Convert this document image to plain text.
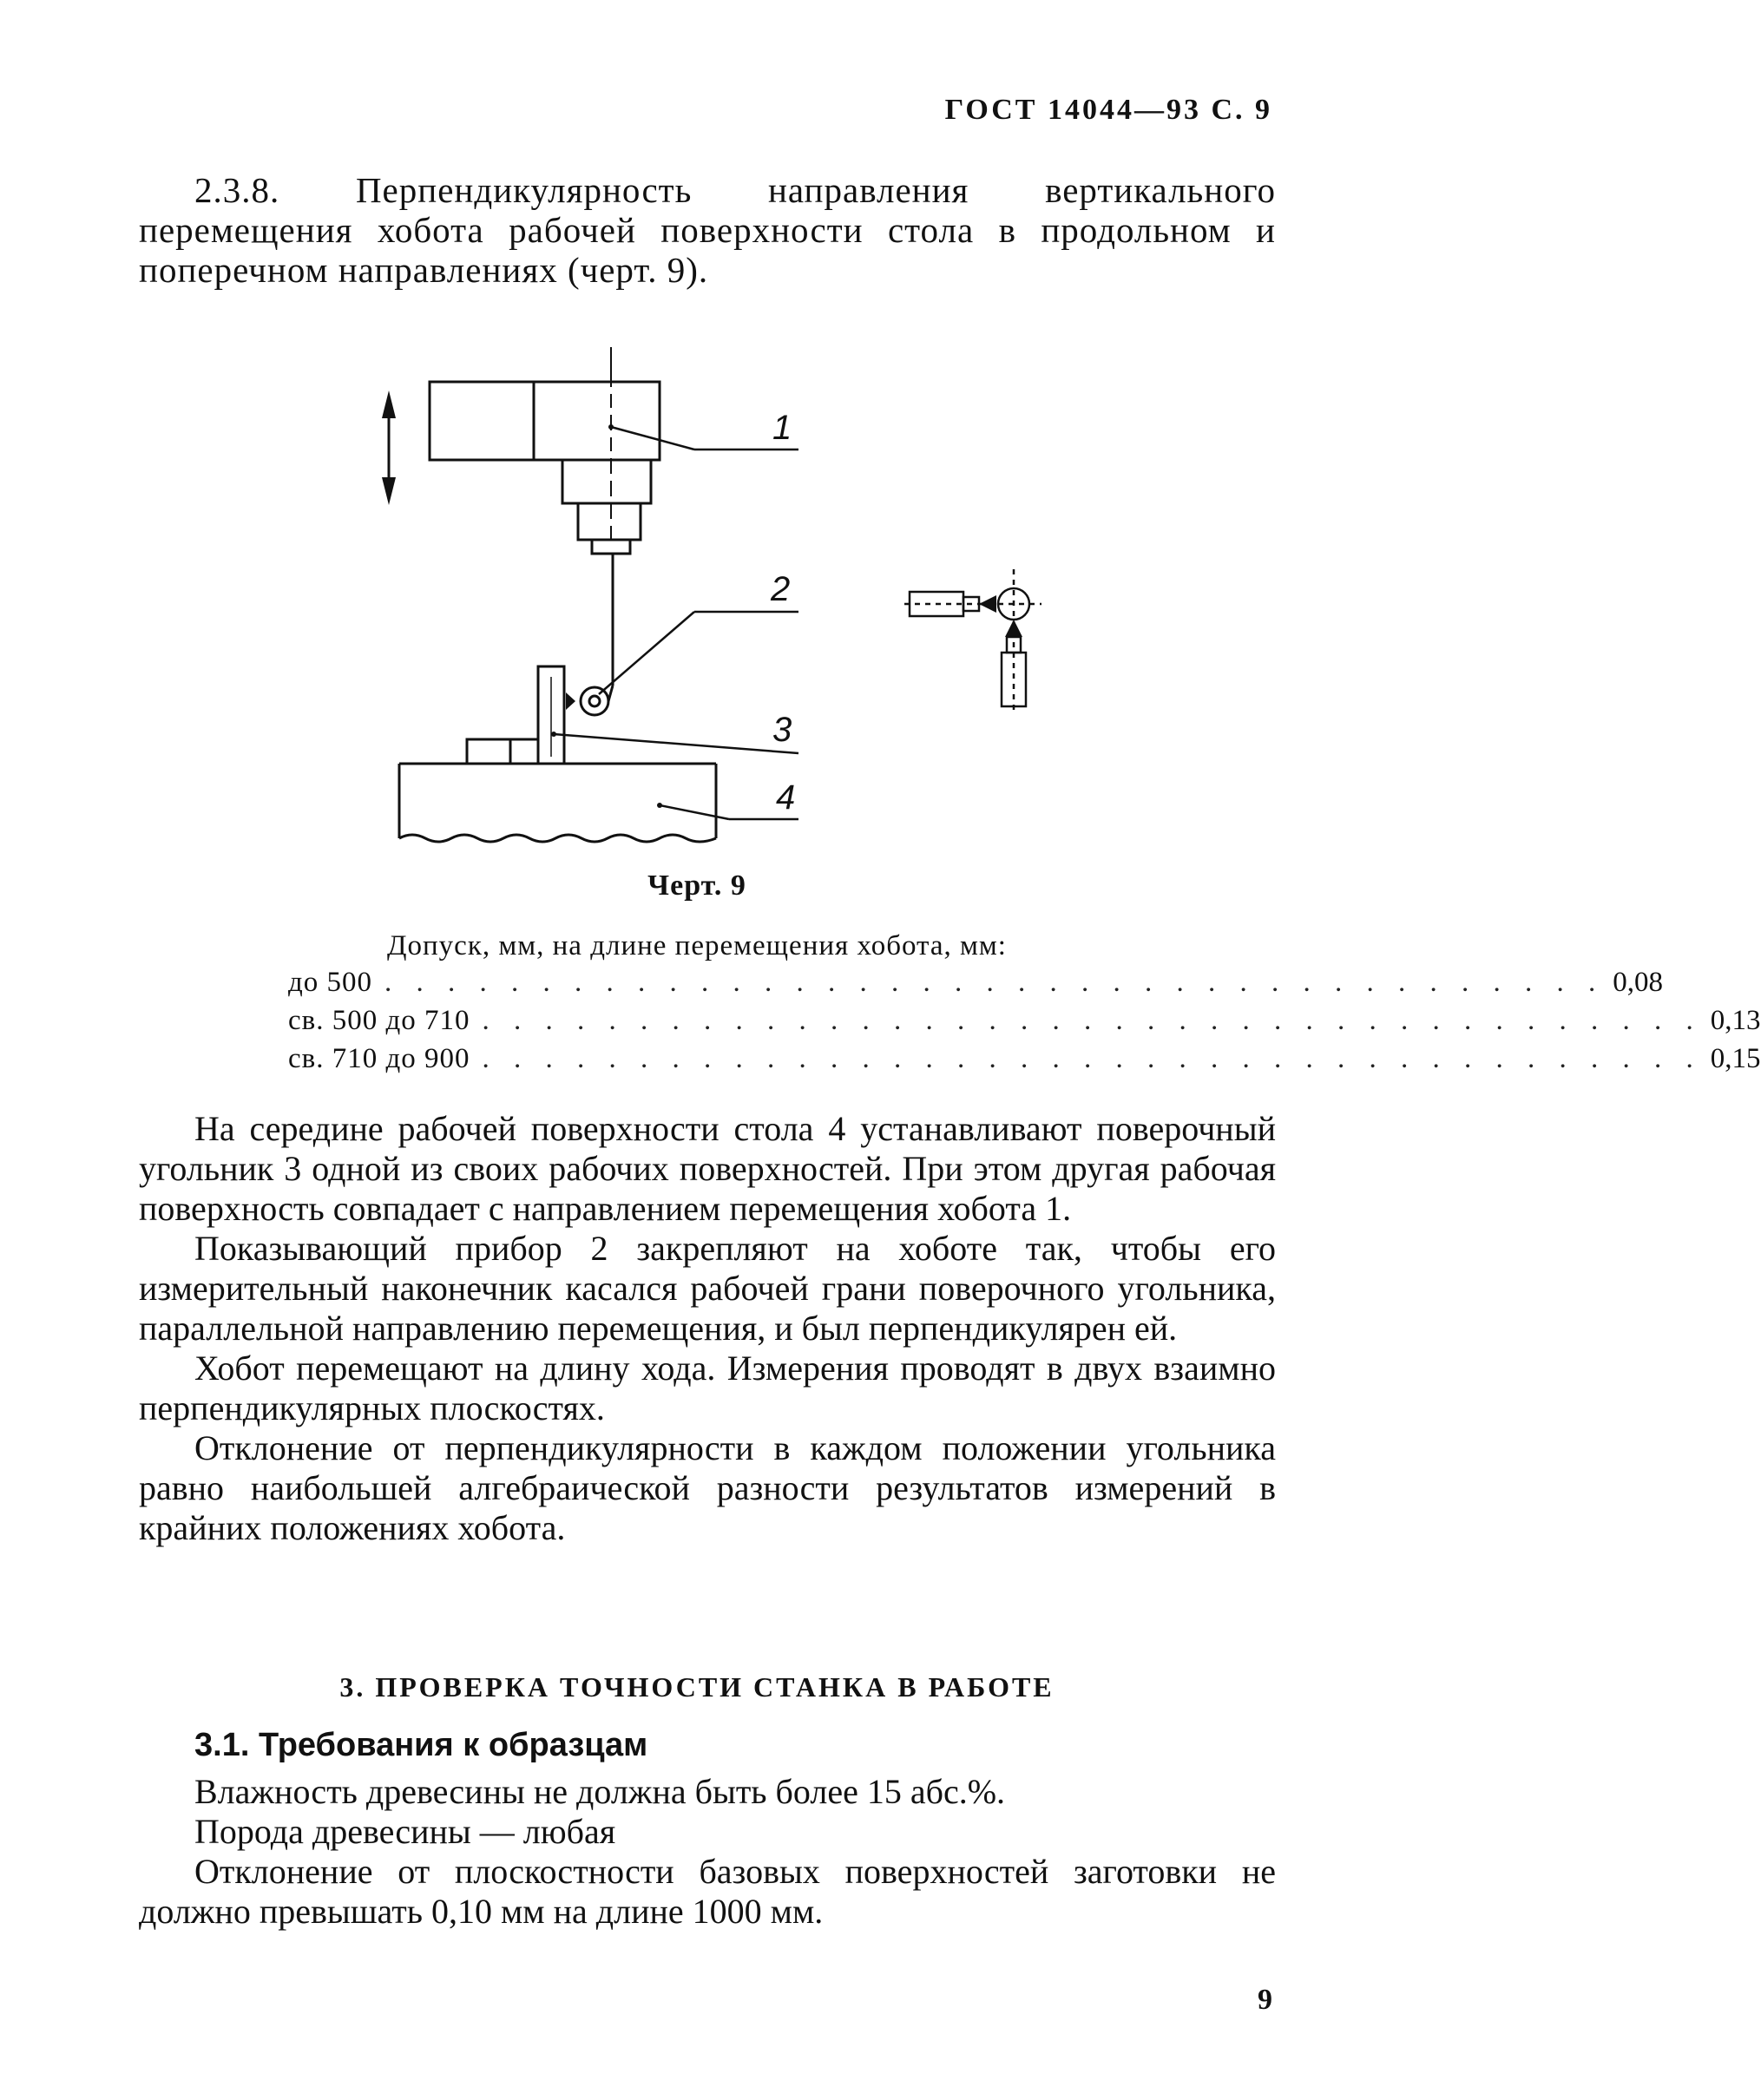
ГОСТ 14044—93 С. 9

2.3.8. Перпендикулярность направления вертикального перемещения хобота рабочей поверхности стола в продольном и поперечном направлениях (черт. 9).

1
2
3
4
Черт. 9
Допуск, мм, на длине перемещения хобота, мм:
до 500 . . . . . . . . . . . . . . . . . . . . . . . . . . . . . . . . . . . . . . . 0,08
св. 500 до 710 . . . . . . . . . . . . . . . . . . . . . . . . . . . . . . . . . . . . . . . 0,13
св. 710 до 900 . . . . . . . . . . . . . . . . . . . . . . . . . . . . . . . . . . . . . . . 0,15

На середине рабочей поверхности стола 4 устанавливают поверочный угольник 3 одной из своих рабочих поверхностей. При этом другая рабочая поверхность совпадает с направлением перемещения хобота 1.

Показывающий прибор 2 закрепляют на хоботе так, чтобы его измерительный наконечник касался рабочей грани поверочного угольника, параллельной направлению перемещения, и был перпендикулярен ей.

Хобот перемещают на длину хода. Измерения проводят в двух взаимно перпендикулярных плоскостях.

Отклонение от перпендикулярности в каждом положении угольника равно наибольшей алгебраической разности результатов измерений в крайних положениях хобота.

3. ПРОВЕРКА ТОЧНОСТИ СТАНКА В РАБОТЕ
3.1. Требования к образцам

Влажность древесины не должна быть более 15 абс.%.

Порода древесины — любая

Отклонение от плоскостности базовых поверхностей заготовки не должно превышать 0,10 мм на длине 1000 мм.

9
